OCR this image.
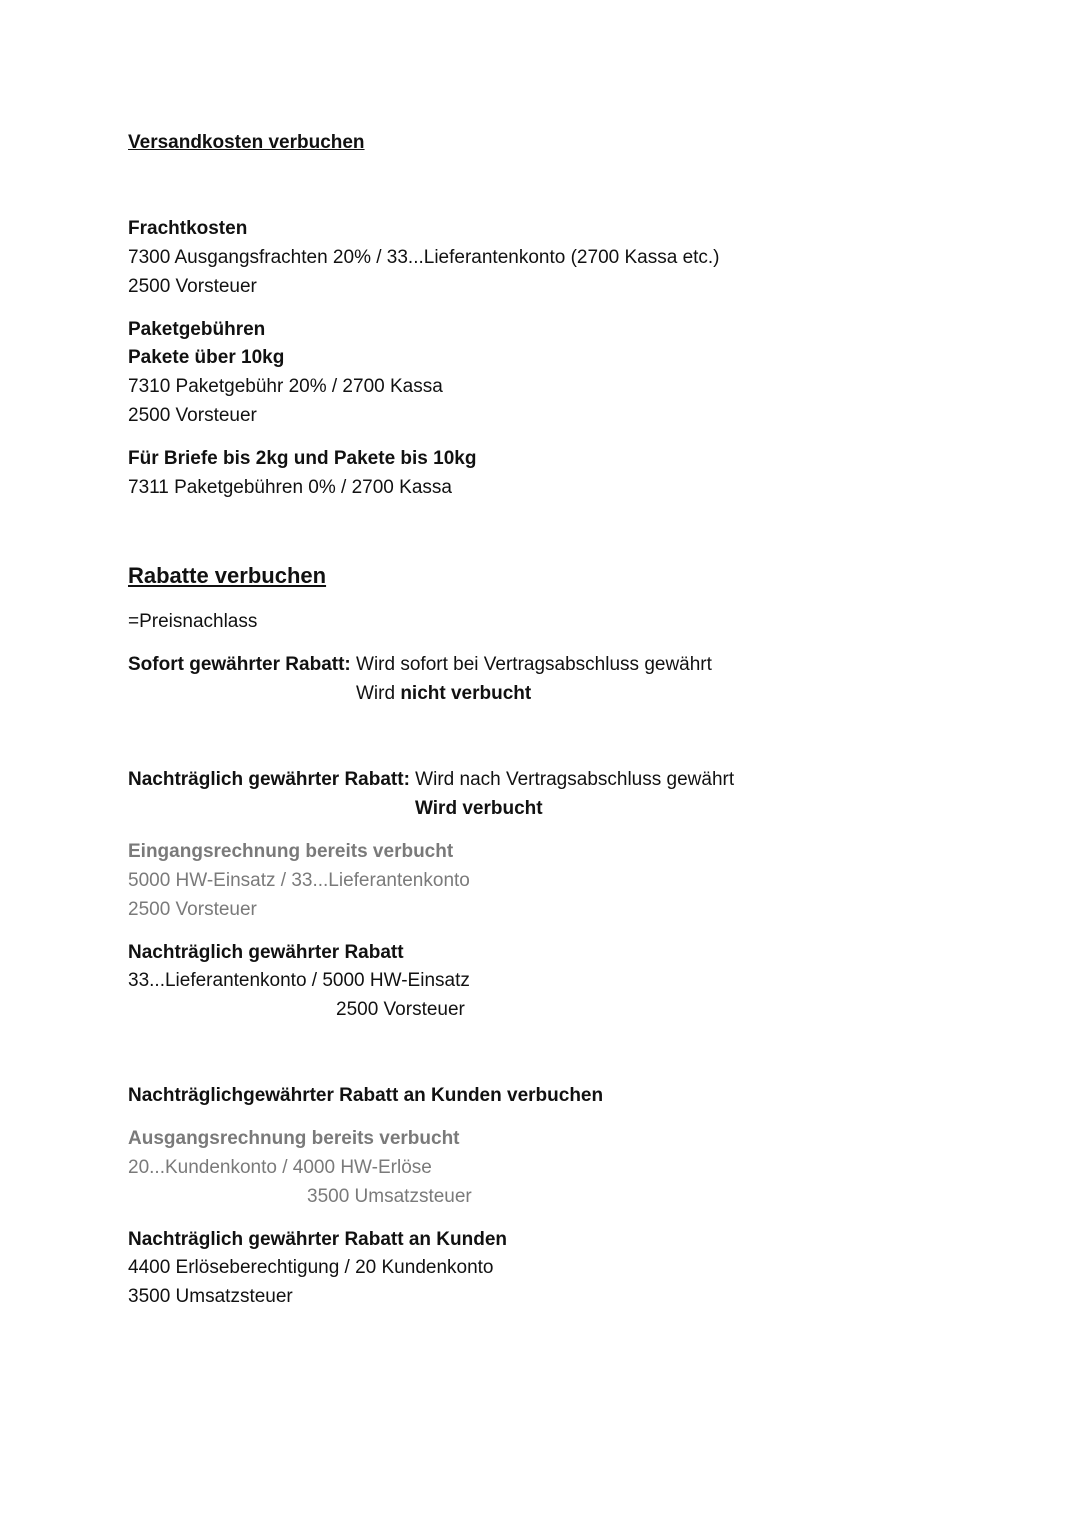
Versandkosten verbuchen
Frachtkosten
7300 Ausgangsfrachten 20% / 33...Lieferantenkonto (2700 Kassa etc.)
2500 Vorsteuer
Paketgebühren
Pakete über 10kg
7310 Paketgebühr 20% / 2700 Kassa
2500 Vorsteuer
Für Briefe bis 2kg und Pakete bis 10kg
7311 Paketgebühren 0% / 2700 Kassa
Rabatte verbuchen
=Preisnachlass
Sofort gewährter Rabatt: Wird sofort bei Vertragsabschluss gewährt
Wird nicht verbucht
Nachträglich gewährter Rabatt: Wird nach Vertragsabschluss gewährt
Wird verbucht
Eingangsrechnung bereits verbucht
5000 HW-Einsatz / 33...Lieferantenkonto
2500 Vorsteuer
Nachträglich gewährter Rabatt
33...Lieferantenkonto / 5000 HW-Einsatz
2500 Vorsteuer
Nachträglichgewährter Rabatt an Kunden verbuchen
Ausgangsrechnung bereits verbucht
20...Kundenkonto / 4000 HW-Erlöse
3500 Umsatzsteuer
Nachträglich gewährter Rabatt an Kunden
4400 Erlöseberechtigung / 20 Kundenkonto
3500 Umsatzsteuer
